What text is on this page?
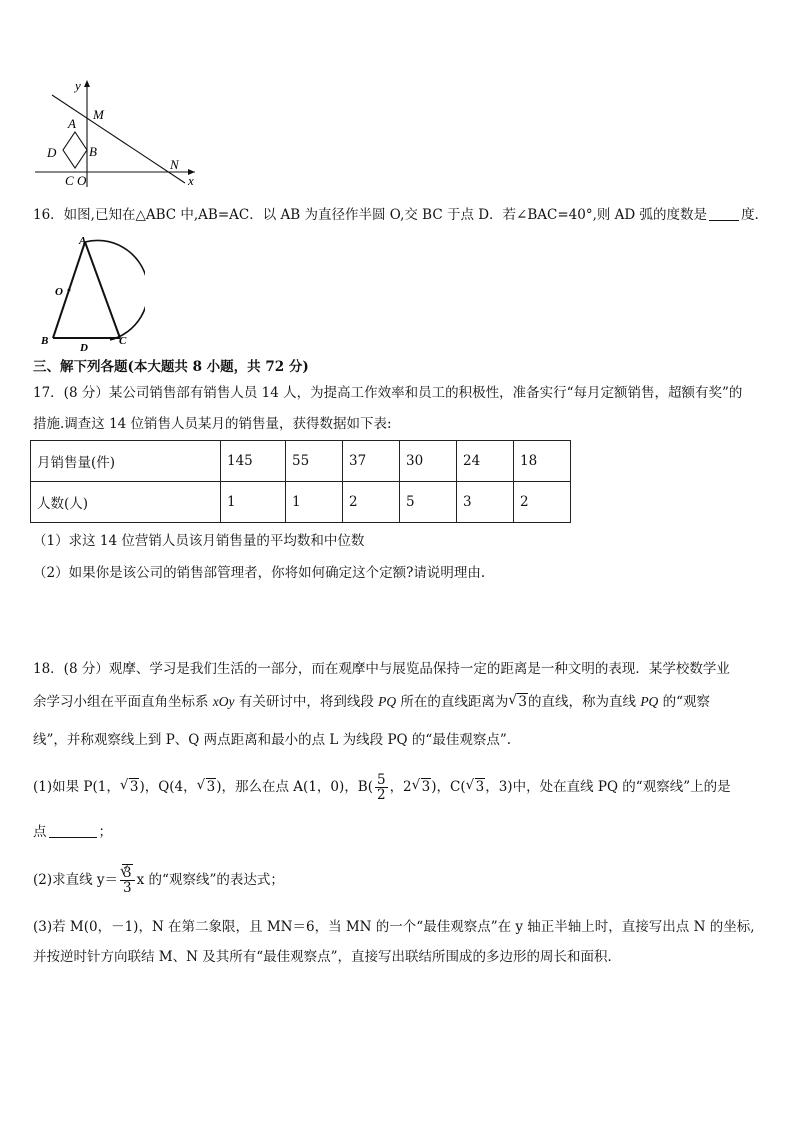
y
M
A
D	B
N
x
C O
16．如图,已知在△ABC 中,AB=AC．以 AB 为直径作半圆 O,交 BC 于点 D．若∠BAC=40°,则 AD 弧的度数是	度.
A
O
B
D
C
三、解下列各题(本大题共 8 小题，共 72 分)
17．(8 分）某公司销售部有销售人员 14 人，为提高工作效率和员工的积极性，准备实行“每月定额销售，超额有奖”的
措施.调查这 14 位销售人员某月的销售量，获得数据如下表:
月销售量(件)	145	55	37	30	24	18
人数(人)	1	1	2	5	3	2
（1）求这 14 位营销人员该月销售量的平均数和中位数
（2）如果你是该公司的销售部管理者，你将如何确定这个定额?请说明理由.
18．(8 分）观摩、学习是我们生活的一部分，而在观摩中与展览品保持一定的距离是一种文明的表现．某学校数学业
余学习小组在平面直角坐标系 xOy 有关研讨中，将到线段 PQ 所在的直线距离为 √ 3的直线，称为直线 PQ 的“观察
线”，并称观察线上到 P、Q 两点距离和最小的点 L 为线段 PQ 的“最佳观察点”.
(1)如果 P(1， √ 3)，Q(4， √ 3)，那么在点 A(1，0)，$B( \frac{5}{2}$ ，2 √ 3)，C( √ 3，3)中，处在直线 PQ 的“观察线”上的是
点	；
(2)求直线 y＝ √ $\frac{3}{3}$ x 的“观察线”的表达式；
(3)若 M(0，－1)，N 在第二象限，且 MN＝6，当 MN 的一个“最佳观察点”在 y 轴正半轴上时，直接写出点 N 的坐标,
并按逆时针方向联结 M、N 及其所有“最佳观察点”，直接写出联结所围成的多边形的周长和面积．
